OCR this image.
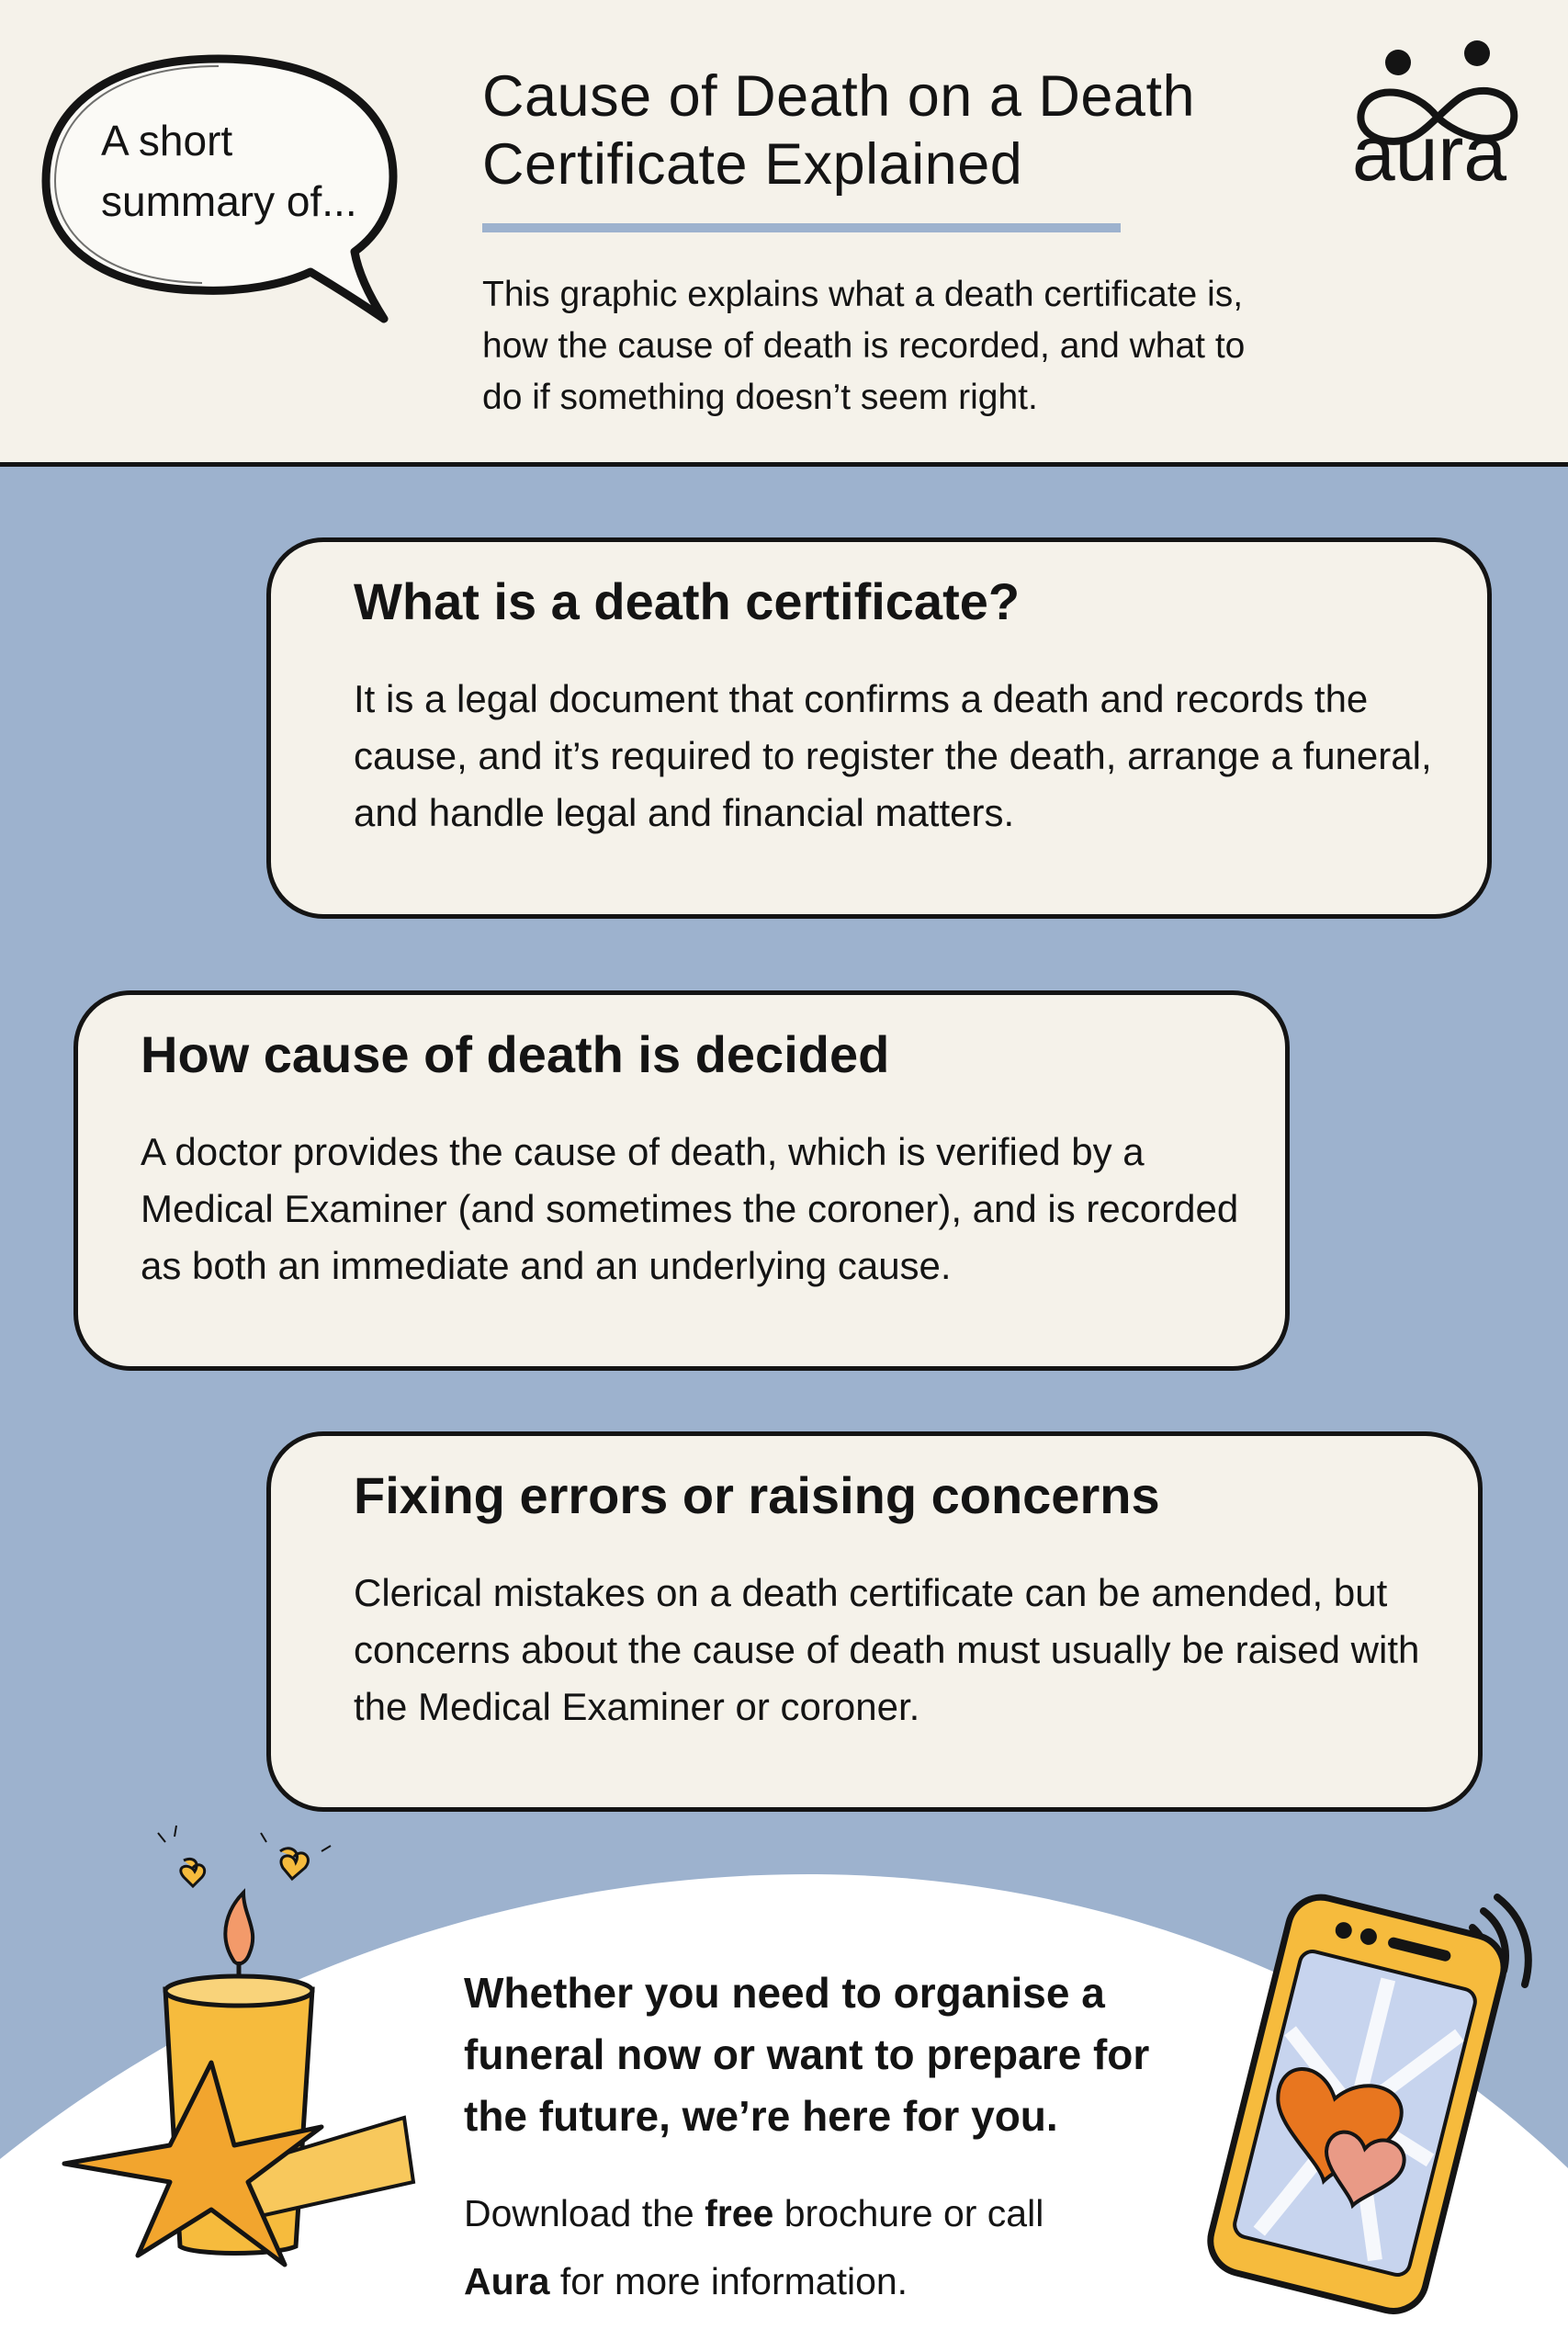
A short summary of...
Cause of Death on a Death Certificate Explained

This graphic explains what a death certificate is, how the cause of death is recorded, and what to do if something doesn’t seem right.

aura
What is a death certificate?

It is a legal document that confirms a death and records the cause, and it’s required to register the death, arrange a funeral, and handle legal and financial matters.

How cause of death is decided

A doctor provides the cause of death, which is verified by a Medical Examiner (and sometimes the coroner), and is recorded as both an immediate and an underlying cause.

Fixing errors or raising concerns

Clerical mistakes on a death certificate can be amended, but concerns about the cause of death must usually be raised with the Medical Examiner or coroner.

Whether you need to organise a funeral now or want to prepare for the future, we’re here for you.

Download the free brochure or call Aura for more information.
